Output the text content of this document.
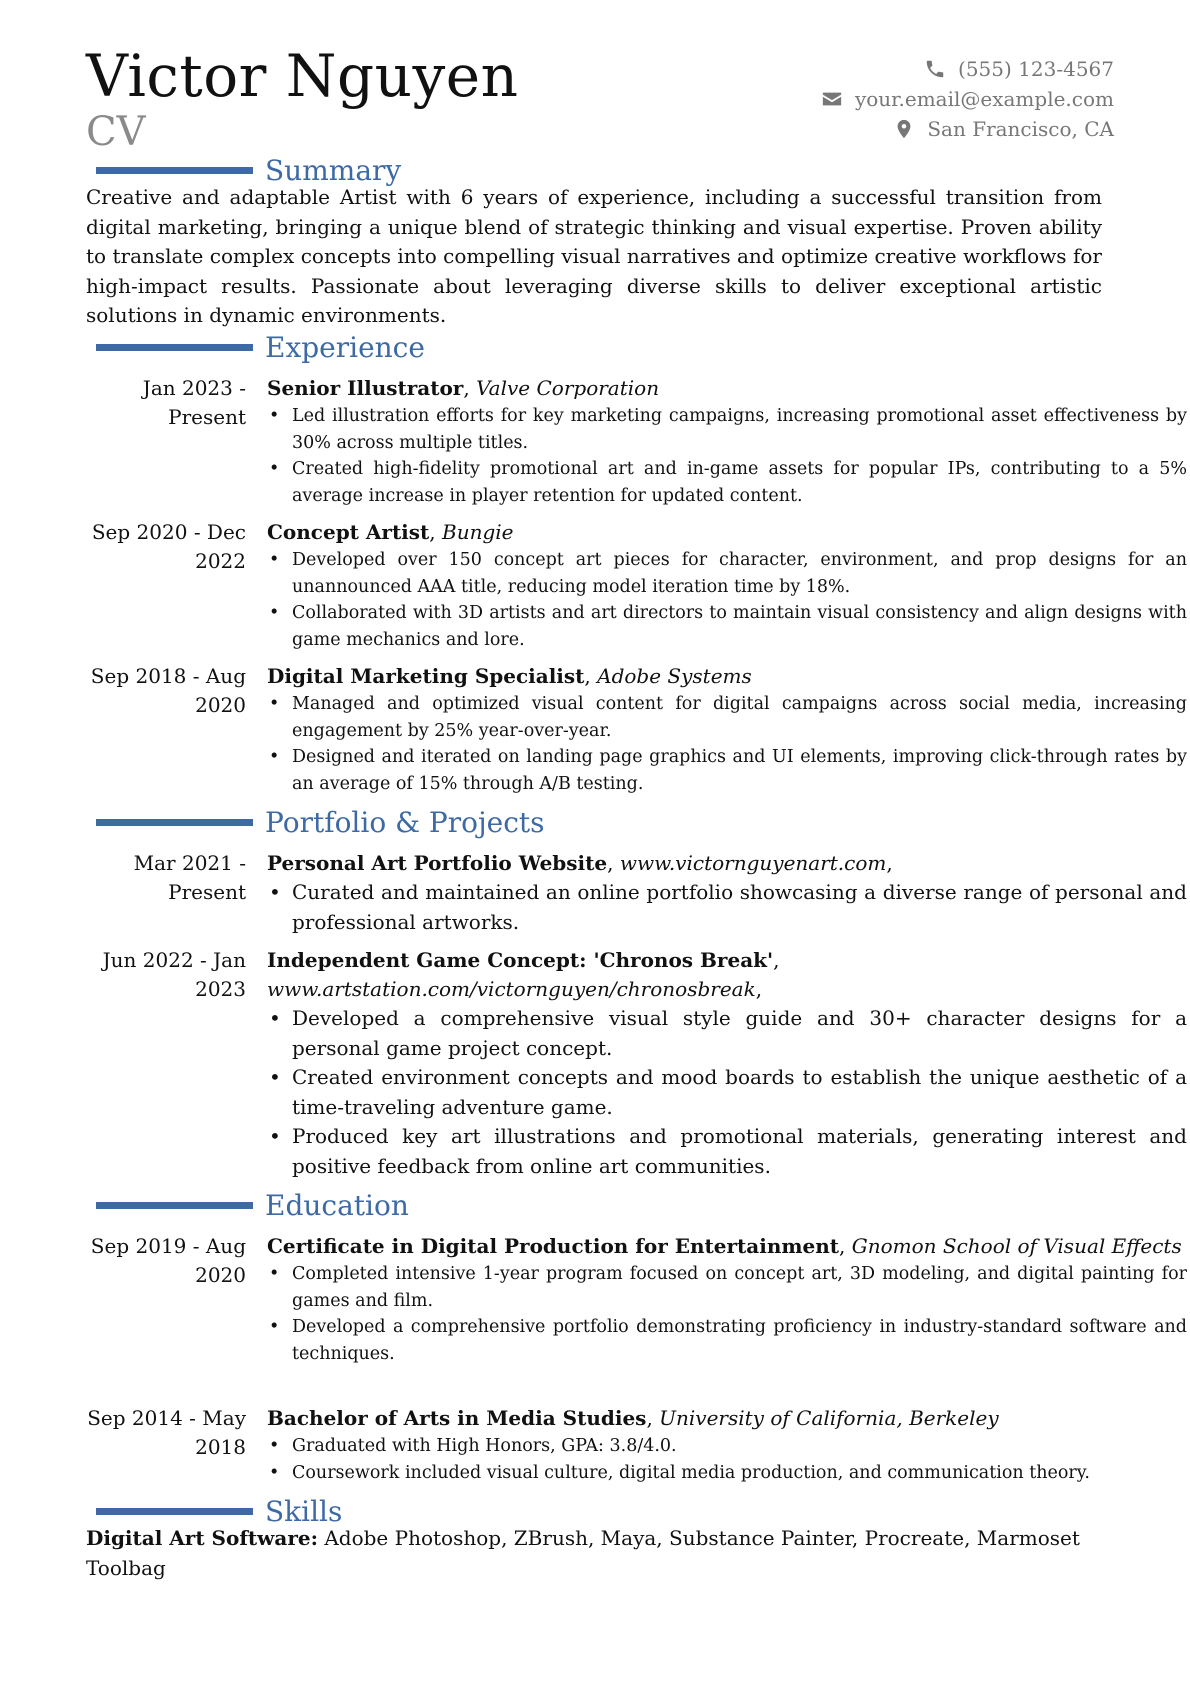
Victor Nguyen
CV
(555) 123-4567
your.email@example.com
San Francisco, CA
Summary
Creative and adaptable Artist with 6 years of experience, including a successful transition from digital marketing, bringing a unique blend of strategic thinking and visual expertise. Proven ability to translate complex concepts into compelling visual narratives and optimize creative workflows for high-impact results. Passionate about leveraging diverse skills to deliver exceptional artistic solutions in dynamic environments.
Experience
Jan 2023 - Present
Senior Illustrator, Valve Corporation
• Led illustration efforts for key marketing campaigns, increasing promotional asset effectiveness by 30% across multiple titles.
• Created high-fidelity promotional art and in-game assets for popular IPs, contributing to a 5% average increase in player retention for updated content.
Sep 2020 - Dec 2022
Concept Artist, Bungie
• Developed over 150 concept art pieces for character, environment, and prop designs for an unannounced AAA title, reducing model iteration time by 18%.
• Collaborated with 3D artists and art directors to maintain visual consistency and align designs with game mechanics and lore.
Sep 2018 - Aug 2020
Digital Marketing Specialist, Adobe Systems
• Managed and optimized visual content for digital campaigns across social media, increasing engagement by 25% year-over-year.
• Designed and iterated on landing page graphics and UI elements, improving click-through rates by an average of 15% through A/B testing.
Portfolio & Projects
Mar 2021 - Present
Personal Art Portfolio Website, www.victornguyenart.com,
• Curated and maintained an online portfolio showcasing a diverse range of personal and professional artworks.
Jun 2022 - Jan 2023
Independent Game Concept: 'Chronos Break', www.artstation.com/victornguyen/chronosbreak,
• Developed a comprehensive visual style guide and 30+ character designs for a personal game project concept.
• Created environment concepts and mood boards to establish the unique aesthetic of a time-traveling adventure game.
• Produced key art illustrations and promotional materials, generating interest and positive feedback from online art communities.
Education
Sep 2019 - Aug 2020
Certificate in Digital Production for Entertainment, Gnomon School of Visual Effects
• Completed intensive 1-year program focused on concept art, 3D modeling, and digital painting for games and film.
• Developed a comprehensive portfolio demonstrating proficiency in industry-standard software and techniques.
Sep 2014 - May 2018
Bachelor of Arts in Media Studies, University of California, Berkeley
• Graduated with High Honors, GPA: 3.8/4.0.
• Coursework included visual culture, digital media production, and communication theory.
Skills
Digital Art Software: Adobe Photoshop, ZBrush, Maya, Substance Painter, Procreate, Marmoset Toolbag
